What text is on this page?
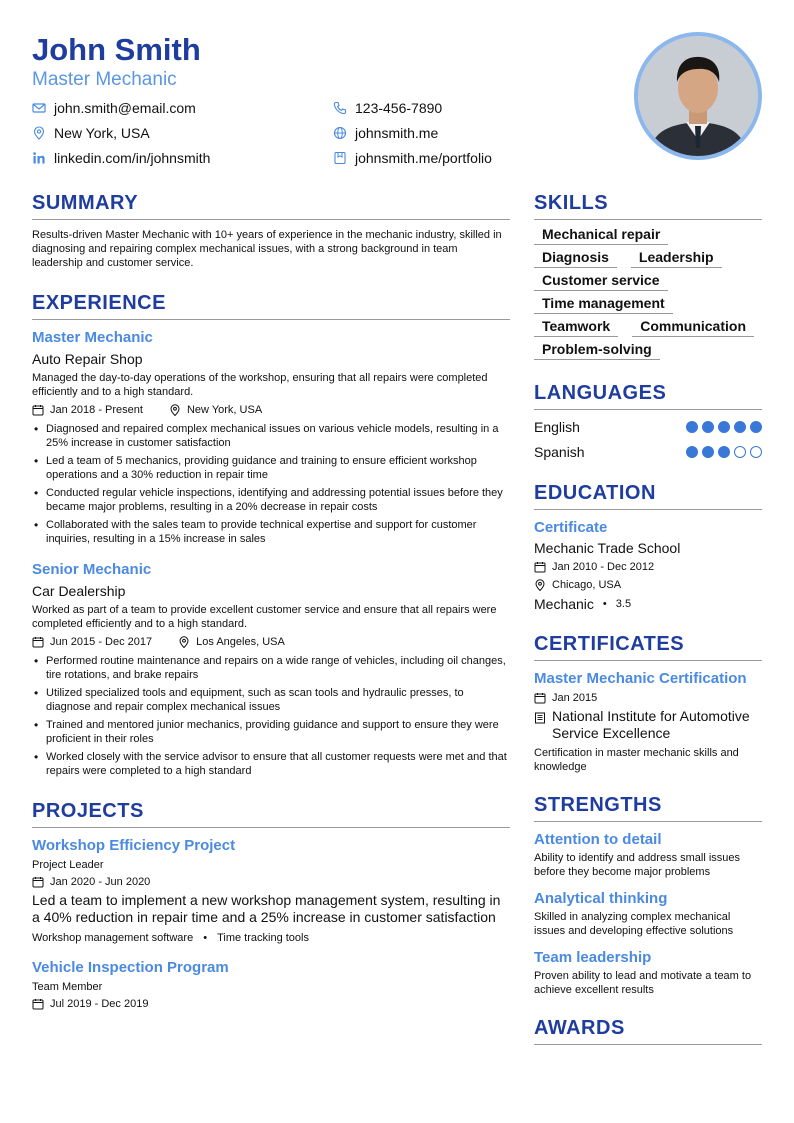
John Smith
Master Mechanic
john.smith@email.com	123-456-7890
New York, USA	johnsmith.me
linkedin.com/in/johnsmith	johnsmith.me/portfolio
SUMMARY
Results-driven Master Mechanic with 10+ years of experience in the mechanic industry, skilled in diagnosing and repairing complex mechanical issues, with a strong background in team leadership and customer service.
EXPERIENCE
Master Mechanic
Auto Repair Shop
Managed the day-to-day operations of the workshop, ensuring that all repairs were completed efficiently and to a high standard.
Jan 2018 - Present	New York, USA
• Diagnosed and repaired complex mechanical issues on various vehicle models, resulting in a 25% increase in customer satisfaction
• Led a team of 5 mechanics, providing guidance and training to ensure efficient workshop operations and a 30% reduction in repair time
• Conducted regular vehicle inspections, identifying and addressing potential issues before they became major problems, resulting in a 20% decrease in repair costs
• Collaborated with the sales team to provide technical expertise and support for customer inquiries, resulting in a 15% increase in sales
Senior Mechanic
Car Dealership
Worked as part of a team to provide excellent customer service and ensure that all repairs were completed efficiently and to a high standard.
Jun 2015 - Dec 2017	Los Angeles, USA
• Performed routine maintenance and repairs on a wide range of vehicles, including oil changes, tire rotations, and brake repairs
• Utilized specialized tools and equipment, such as scan tools and hydraulic presses, to diagnose and repair complex mechanical issues
• Trained and mentored junior mechanics, providing guidance and support to ensure they were proficient in their roles
• Worked closely with the service advisor to ensure that all customer requests were met and that repairs were completed to a high standard
PROJECTS
Workshop Efficiency Project
Project Leader
Jan 2020 - Jun 2020
Led a team to implement a new workshop management system, resulting in a 40% reduction in repair time and a 25% increase in customer satisfaction
Workshop management software • Time tracking tools
Vehicle Inspection Program
Team Member
Jul 2019 - Dec 2019
SKILLS
Mechanical repair
Diagnosis	Leadership
Customer service
Time management
Teamwork	Communication
Problem-solving
LANGUAGES
English
Spanish
EDUCATION
Certificate
Mechanic Trade School
Jan 2010 - Dec 2012
Chicago, USA
Mechanic • 3.5
CERTIFICATES
Master Mechanic Certification
Jan 2015
National Institute for Automotive Service Excellence
Certification in master mechanic skills and knowledge
STRENGTHS
Attention to detail
Ability to identify and address small issues before they become major problems
Analytical thinking
Skilled in analyzing complex mechanical issues and developing effective solutions
Team leadership
Proven ability to lead and motivate a team to achieve excellent results
AWARDS
